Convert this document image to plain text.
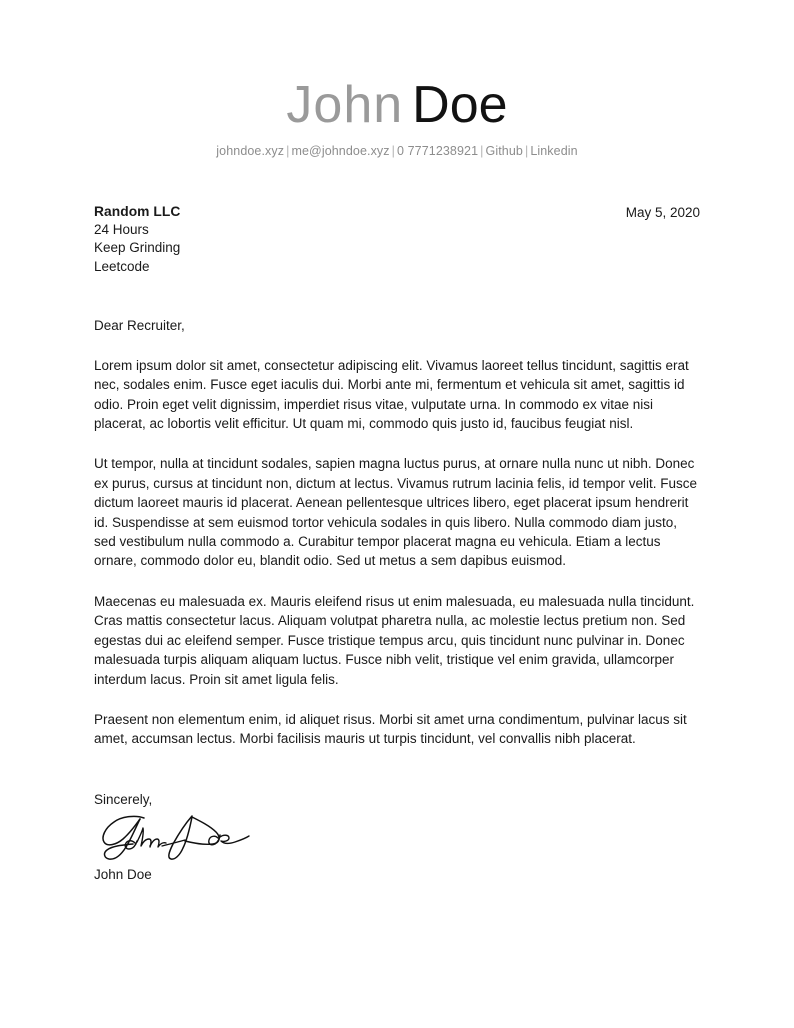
John Doe
johndoe.xyz | me@johndoe.xyz | 0 7771238921 | Github | Linkedin
Random LLC
24 Hours
Keep Grinding
Leetcode
May 5, 2020
Dear Recruiter,

Lorem ipsum dolor sit amet, consectetur adipiscing elit. Vivamus laoreet tellus tincidunt, sagittis erat nec, sodales enim. Fusce eget iaculis dui. Morbi ante mi, fermentum et vehicula sit amet, sagittis id odio. Proin eget velit dignissim, imperdiet risus vitae, vulputate urna. In commodo ex vitae nisi placerat, ac lobortis velit efficitur. Ut quam mi, commodo quis justo id, faucibus feugiat nisl.

Ut tempor, nulla at tincidunt sodales, sapien magna luctus purus, at ornare nulla nunc ut nibh. Donec ex purus, cursus at tincidunt non, dictum at lectus. Vivamus rutrum lacinia felis, id tempor velit. Fusce dictum laoreet mauris id placerat. Aenean pellentesque ultrices libero, eget placerat ipsum hendrerit id. Suspendisse at sem euismod tortor vehicula sodales in quis libero. Nulla commodo diam justo, sed vestibulum nulla commodo a. Curabitur tempor placerat magna eu vehicula. Etiam a lectus ornare, commodo dolor eu, blandit odio. Sed ut metus a sem dapibus euismod.

Maecenas eu malesuada ex. Mauris eleifend risus ut enim malesuada, eu malesuada nulla tincidunt. Cras mattis consectetur lacus. Aliquam volutpat pharetra nulla, ac molestie lectus pretium non. Sed egestas dui ac eleifend semper. Fusce tristique tempus arcu, quis tincidunt nunc pulvinar in. Donec malesuada turpis aliquam aliquam luctus. Fusce nibh velit, tristique vel enim gravida, ullamcorper interdum lacus. Proin sit amet ligula felis.

Praesent non elementum enim, id aliquet risus. Morbi sit amet urna condimentum, pulvinar lacus sit amet, accumsan lectus. Morbi facilisis mauris ut turpis tincidunt, vel convallis nibh placerat.

Sincerely,
John Doe
